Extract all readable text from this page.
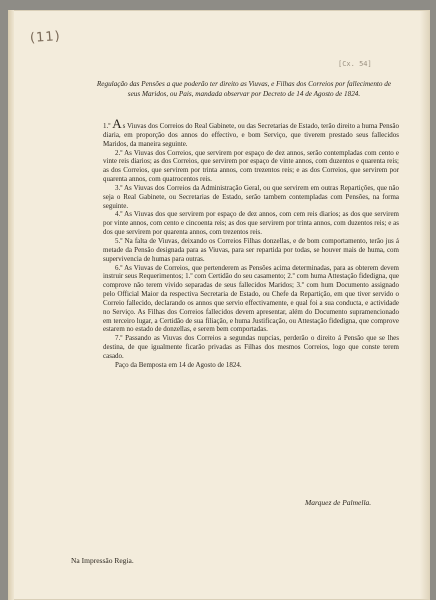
(11)
[Cx. 54]
Regulação das Pensões a que poderão ter direito as Viuvas, e Filhas dos Correios por fallecimento de seus Maridos, ou Pais, mandada observar por Decreto de 14 de Agosto de 1824.

1.º As Viuvas dos Correios do Real Gabinete, ou das Secretarias de Estado, terão direito a huma Pensão diaria, em proporção dos annos do effectivo, e bom Serviço, que tiverem prestado seus fallecidos Maridos, da maneira seguinte.

2.º As Viuvas dos Correios, que servirem por espaço de dez annos, serão contempladas com cento e vinte reis diarios; as dos Correios, que servirem por espaço de vinte annos, com duzentos e quarenta reis; as dos Correios, que servirem por trinta annos, com trezentos reis; e as dos Correios, que servirem por quarenta annos, com quatrocentos reis.

3.º As Viuvas dos Correios da Administração Geral, ou que servirem em outras Repartições, que não seja o Real Gabinete, ou Secretarias de Estado, serão tambem contempladas com Pensões, na forma seguinte.

4.º As Viuvas dos que servirem por espaço de dez annos, com cem reis diarios; as dos que servirem por vinte annos, com cento e cincoenta reis; as dos que servirem por trinta annos, com duzentos reis; e as dos que servirem por quarenta annos, com trezentos reis.

5.º Na falta de Viuvas, deixando os Correios Filhas donzellas, e de bom comportamento, terão jus á metade da Pensão designada para as Viuvas, para ser repartida por todas, se houver mais de huma, com supervivencia de humas para outras.

6.º As Viuvas de Correios, que pertenderem as Pensões acima determinadas, para as obterem devem instruir seus Requerimentos; 1.º com Certidão do seu casamento; 2.º com huma Attestação fidedigna, que comprove não terem vivido separadas de seus fallecidos Maridos; 3.º com hum Documento assignado pelo Official Maior da respectiva Secretaria de Estado, ou Chefe da Repartição, em que tiver servido o Correio fallecido, declarando os annos que servio effectivamente, e qual foi a sua conducta, e actividade no Serviço. As Filhas dos Correios fallecidos devem apresentar, além do Documento supramencionado em terceiro lugar, a Certidão de sua filiação, e huma Justificação, ou Attestação fidedigna, que comprove estarem no estado de donzellas, e serem bem comportadas.

7.º Passando as Viuvas dos Correios a segundas nupcias, perderão o direito á Pensão que se lhes destina, de que igualmente ficarão privadas as Filhas dos mesmos Correios, logo que conste terem casado.

Paço da Bemposta em 14 de Agosto de 1824.

Marquez de Palmella.
Na Impressão Regia.
